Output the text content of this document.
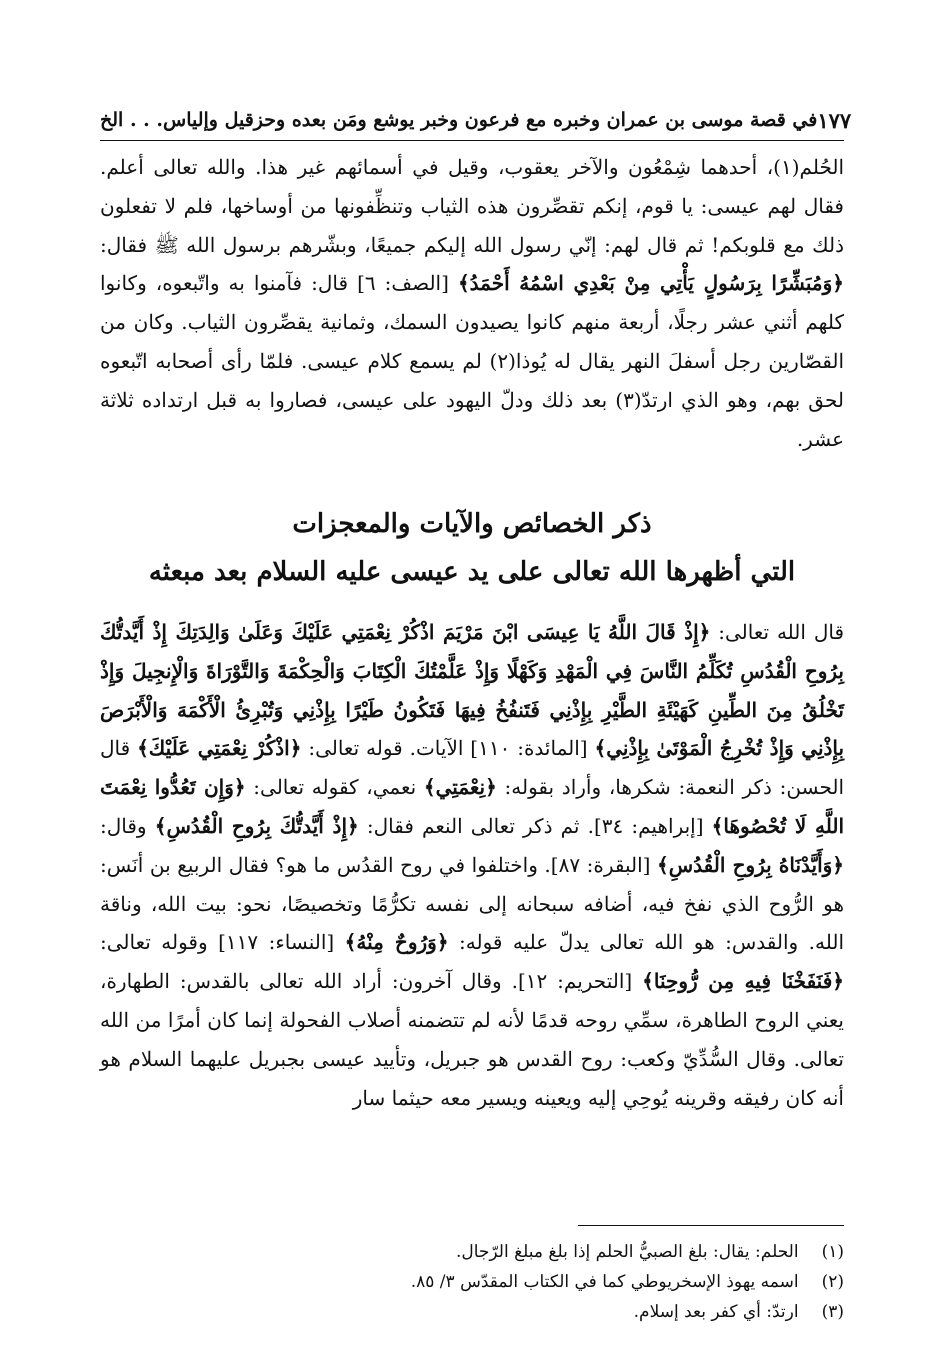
في قصة موسى بن عمران وخبره مع فرعون وخبر يوشع ومَن بعده وحزقيل وإلياس. . . الخ ١٧٧

الحُلم(١)، أحدهما شِمْعُون والآخر يعقوب، وقيل في أسمائهم غير هذا. والله تعالى أعلم. فقال لهم عيسى: يا قوم، إنكم تقصِّرون هذه الثياب وتنظِّفونها من أوساخها، فلم لا تفعلون ذلك مع قلوبكم! ثم قال لهم: إنّي رسول الله إليكم جميعًا، وبشّرهم برسول الله ﷺ فقال: ﴿وَمُبَشِّرًا بِرَسُولٍ يَأْتِي مِنْ بَعْدِي اسْمُهُ أَحْمَدُ﴾ [الصف: ٦] قال: فآمنوا به واتّبعوه، وكانوا كلهم أثني عشر رجلًا، أربعة منهم كانوا يصيدون السمك، وثمانية يقصِّرون الثياب. وكان من القصّارين رجل أسفلَ النهر يقال له يُوذا(٢) لم يسمع كلام عيسى. فلمّا رأى أصحابه اتّبعوه لحق بهم، وهو الذي ارتدّ(٣) بعد ذلك ودلّ اليهود على عيسى، فصاروا به قبل ارتداده ثلاثة عشر.

ذكر الخصائص والآيات والمعجزات
التي أظهرها الله تعالى على يد عيسى عليه السلام بعد مبعثه

قال الله تعالى: ﴿إِذْ قَالَ اللَّهُ يَا عِيسَى ابْنَ مَرْيَمَ اذْكُرْ نِعْمَتِي عَلَيْكَ وَعَلَىٰ وَالِدَتِكَ إِذْ أَيَّدتُّكَ بِرُوحِ الْقُدُسِ تُكَلِّمُ النَّاسَ فِي الْمَهْدِ وَكَهْلًا وَإِذْ عَلَّمْتُكَ الْكِتَابَ وَالْحِكْمَةَ وَالتَّوْرَاةَ وَالْإِنجِيلَ وَإِذْ تَخْلُقُ مِنَ الطِّينِ كَهَيْئَةِ الطَّيْرِ بِإِذْنِي فَتَنفُخُ فِيهَا فَتَكُونُ طَيْرًا بِإِذْنِي وَتُبْرِئُ الْأَكْمَهَ وَالْأَبْرَصَ بِإِذْنِي وَإِذْ تُخْرِجُ الْمَوْتَىٰ بِإِذْنِي﴾ [المائدة: ١١٠] الآيات. قوله تعالى: ﴿اذْكُرْ نِعْمَتِي عَلَيْكَ﴾ قال الحسن: ذكر النعمة: شكرها، وأراد بقوله: ﴿نِعْمَتِي﴾ نعمي، كقوله تعالى: ﴿وَإِن تَعُدُّوا نِعْمَتَ اللَّهِ لَا تُحْصُوهَا﴾ [إبراهيم: ٣٤]. ثم ذكر تعالى النعم فقال: ﴿إِذْ أَيَّدتُّكَ بِرُوحِ الْقُدُسِ﴾ وقال: ﴿وَأَيَّدْنَاهُ بِرُوحِ الْقُدُسِ﴾ [البقرة: ٨٧]. واختلفوا في روح القدُس ما هو؟ فقال الربيع بن أنَس: هو الرُّوح الذي نفخ فيه، أضافه سبحانه إلى نفسه تكرُّمًا وتخصيصًا، نحو: بيت الله، وناقة الله. والقدس: هو الله تعالى يدلّ عليه قوله: ﴿وَرُوحٌ مِنْهُ﴾ [النساء: ١١٧] وقوله تعالى: ﴿فَنَفَخْنَا فِيهِ مِن رُّوحِنَا﴾ [التحريم: ١٢]. وقال آخرون: أراد الله تعالى بالقدس: الطهارة، يعني الروح الطاهرة، سمِّي روحه قدمًا لأنه لم تتضمنه أصلاب الفحولة إنما كان أمرًا من الله تعالى. وقال السُّدِّيّ وكعب: روح القدس هو جبريل، وتأييد عيسى بجبريل عليهما السلام هو أنه كان رفيقه وقرينه يُوحِي إليه ويعينه ويسير معه حيثما سار

(١) الحلم: يقال: بلغ الصبيُّ الحلم إذا بلغ مبلغ الرّجال.
(٢) اسمه يهوذ الإسخريوطي كما في الكتاب المقدّس ٣/ ٨٥.
(٣) ارتدّ: أي كفر بعد إسلام.
